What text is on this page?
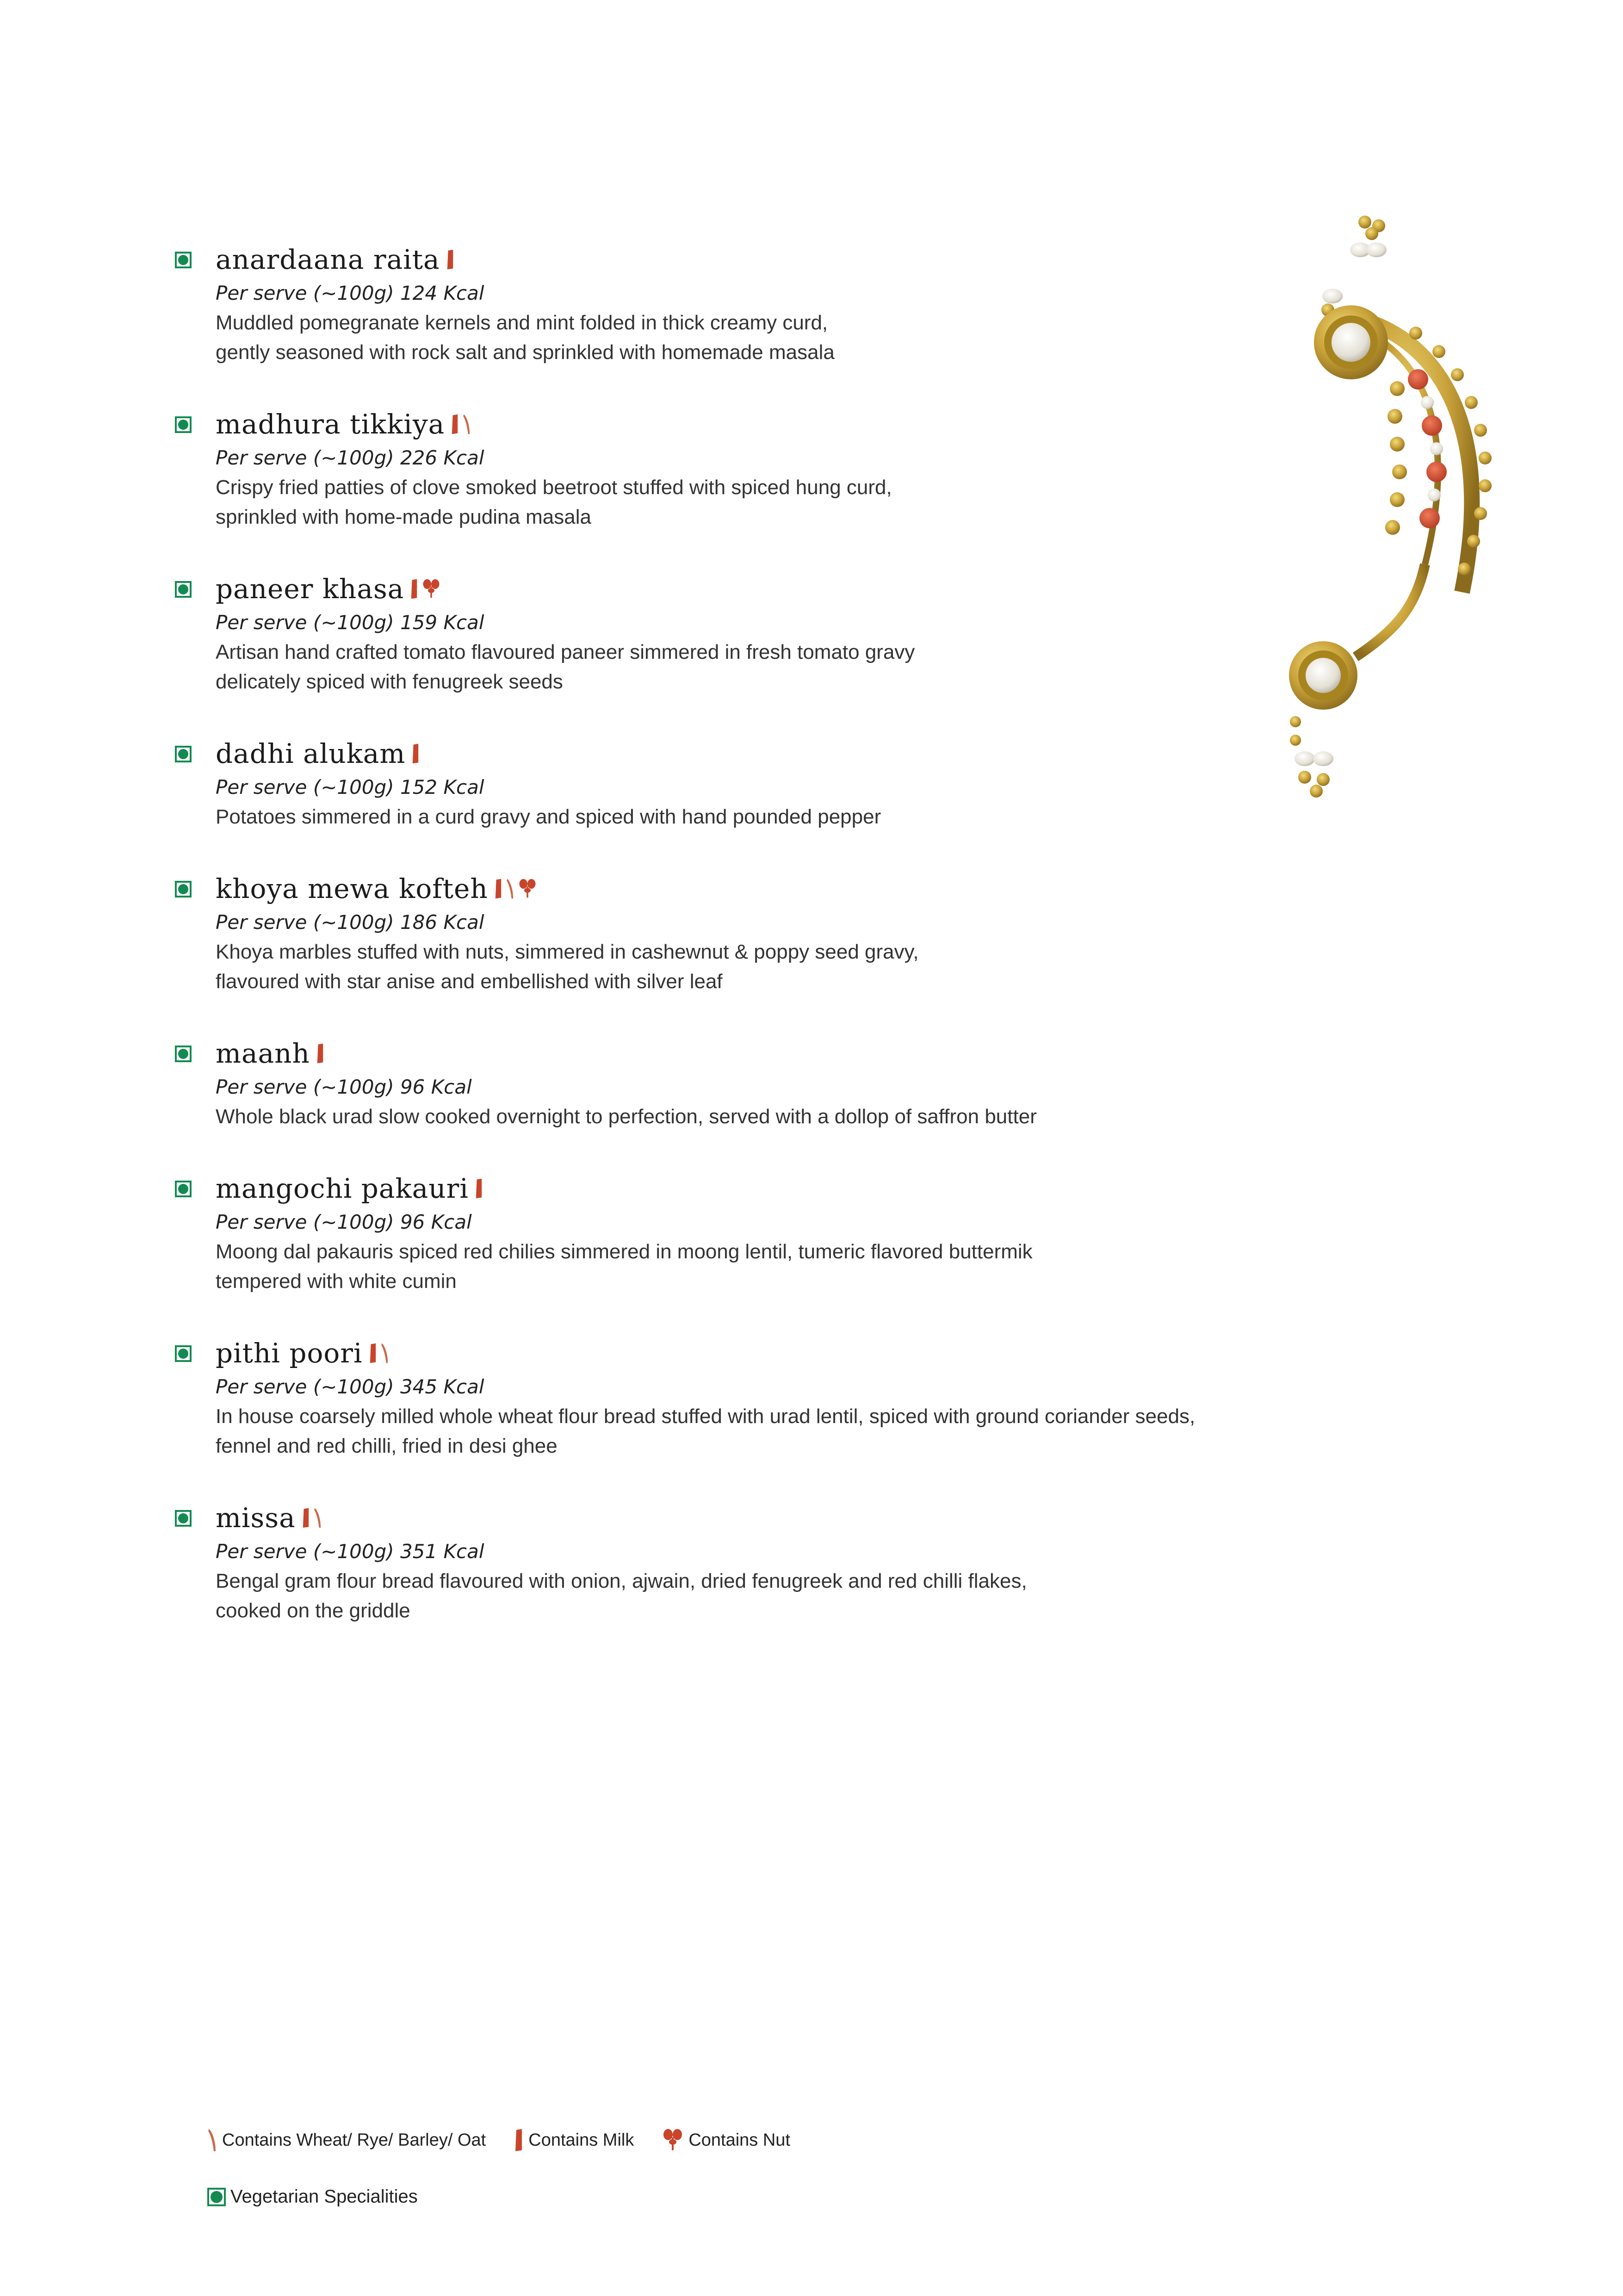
anardaana raita
Per serve (~100g) 124 Kcal
Muddled pomegranate kernels and mint folded in thick creamy curd,
gently seasoned with rock salt and sprinkled with homemade masala
madhura tikkiya
Per serve (~100g) 226 Kcal
Crispy fried patties of clove smoked beetroot stuffed with spiced hung curd,
sprinkled with home-made pudina masala
paneer khasa
Per serve (~100g) 159 Kcal
Artisan hand crafted tomato flavoured paneer simmered in fresh tomato gravy
delicately spiced with fenugreek seeds
dadhi alukam
Per serve (~100g) 152 Kcal
Potatoes simmered in a curd gravy and spiced with hand pounded pepper
khoya mewa kofteh
Per serve (~100g) 186 Kcal
Khoya marbles stuffed with nuts, simmered in cashewnut & poppy seed gravy,
flavoured with star anise and embellished with silver leaf
maanh
Per serve (~100g) 96 Kcal
Whole black urad slow cooked overnight to perfection, served with a dollop of saffron butter
mangochi pakauri
Per serve (~100g) 96 Kcal
Moong dal pakauris spiced red chilies simmered in moong lentil, tumeric flavored buttermik
tempered with white cumin
pithi poori
Per serve (~100g) 345 Kcal
In house coarsely milled whole wheat flour bread stuffed with urad lentil, spiced with ground coriander seeds,
fennel and red chilli, fried in desi ghee
missa
Per serve (~100g) 351 Kcal
Bengal gram flour bread flavoured with onion, ajwain, dried fenugreek and red chilli flakes,
cooked on the griddle
Contains Wheat/ Rye/ Barley/ Oat Contains Milk	Contains Nut
Vegetarian Specialities
